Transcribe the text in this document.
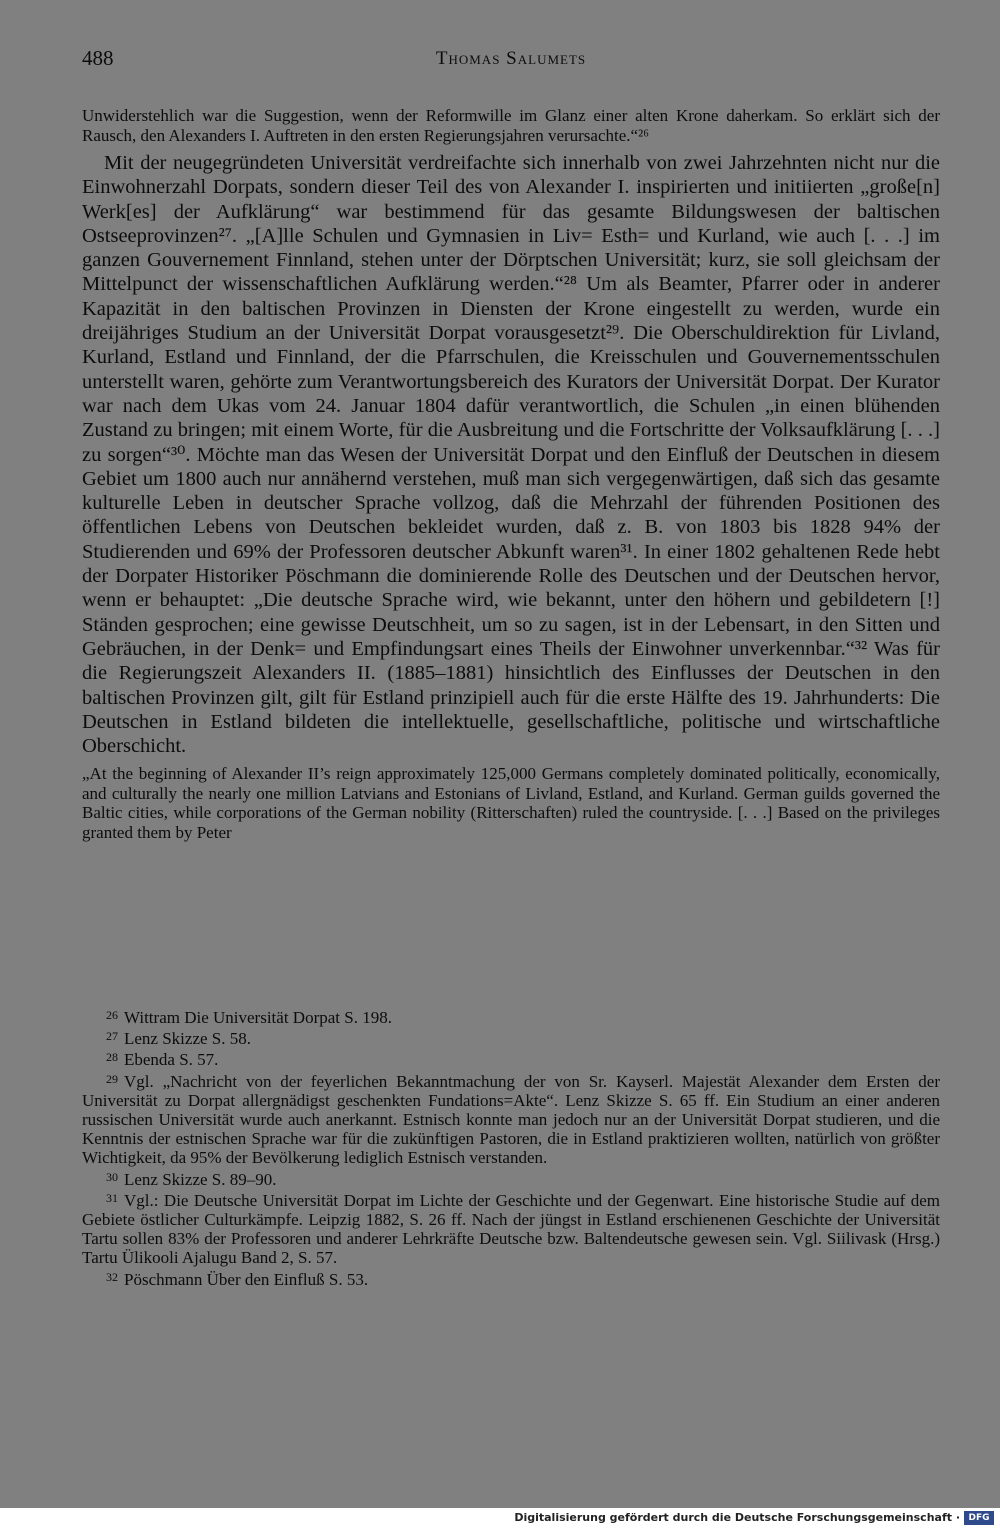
488	Thomas Salumets

Unwiderstehlich war die Suggestion, wenn der Reformwille im Glanz einer alten Krone daherkam. So erklärt sich der Rausch, den Alexanders I. Auftreten in den ersten Regierungsjahren verursachte.“²⁶

Mit der neugegründeten Universität verdreifachte sich innerhalb von zwei Jahrzehnten nicht nur die Einwohnerzahl Dorpats, sondern dieser Teil des von Alexander I. inspirierten und initiierten „große[n] Werk[es] der Aufklärung“ war bestimmend für das gesamte Bildungswesen der baltischen Ostseeprovinzen²⁷. „[A]lle Schulen und Gymnasien in Liv= Esth= und Kurland, wie auch [. . .] im ganzen Gouvernement Finnland, stehen unter der Dörptschen Universität; kurz, sie soll gleichsam der Mittelpunct der wissenschaftlichen Aufklärung werden.“²⁸ Um als Beamter, Pfarrer oder in anderer Kapazität in den baltischen Provinzen in Diensten der Krone eingestellt zu werden, wurde ein dreijähriges Studium an der Universität Dorpat vorausgesetzt²⁹. Die Oberschuldirektion für Livland, Kurland, Estland und Finnland, der die Pfarrschulen, die Kreisschulen und Gouvernementsschulen unterstellt waren, gehörte zum Verantwortungsbereich des Kurators der Universität Dorpat. Der Kurator war nach dem Ukas vom 24. Januar 1804 dafür verantwortlich, die Schulen „in einen blühenden Zustand zu bringen; mit einem Worte, für die Ausbreitung und die Fortschritte der Volksaufklärung [. . .] zu sorgen“³⁰. Möchte man das Wesen der Universität Dorpat und den Einfluß der Deutschen in diesem Gebiet um 1800 auch nur annähernd verstehen, muß man sich vergegenwärtigen, daß sich das gesamte kulturelle Leben in deutscher Sprache vollzog, daß die Mehrzahl der führenden Positionen des öffentlichen Lebens von Deutschen bekleidet wurden, daß z. B. von 1803 bis 1828 94% der Studierenden und 69% der Professoren deutscher Abkunft waren³¹. In einer 1802 gehaltenen Rede hebt der Dorpater Historiker Pöschmann die dominierende Rolle des Deutschen und der Deutschen hervor, wenn er behauptet: „Die deutsche Sprache wird, wie bekannt, unter den höhern und gebildetern [!] Ständen gesprochen; eine gewisse Deutschheit, um so zu sagen, ist in der Lebensart, in den Sitten und Gebräuchen, in der Denk= und Empfindungsart eines Theils der Einwohner unverkennbar.“³² Was für die Regierungszeit Alexanders II. (1885–1881) hinsichtlich des Einflusses der Deutschen in den baltischen Provinzen gilt, gilt für Estland prinzipiell auch für die erste Hälfte des 19. Jahrhunderts: Die Deutschen in Estland bildeten die intellektuelle, gesellschaftliche, politische und wirtschaftliche Oberschicht.

„At the beginning of Alexander II’s reign approximately 125,000 Germans completely dominated politically, economically, and culturally the nearly one million Latvians and Estonians of Livland, Estland, and Kurland. German guilds governed the Baltic cities, while corporations of the German nobility (Ritterschaften) ruled the countryside. [. . .] Based on the privileges granted them by Peter

$^{26}$ Wittram Die Universität Dorpat S. 198.

$^{27}$ Lenz Skizze S. 58.

$^{28}$ Ebenda S. 57.

$^{29}$ Vgl. „Nachricht von der feyerlichen Bekanntmachung der von Sr. Kayserl. Majestät Alexander dem Ersten der Universität zu Dorpat allergnädigst geschenkten Fundations=Akte“. Lenz Skizze S. 65 ff. Ein Studium an einer anderen russischen Universität wurde auch anerkannt. Estnisch konnte man jedoch nur an der Universität Dorpat studieren, und die Kenntnis der estnischen Sprache war für die zukünftigen Pastoren, die in Estland praktizieren wollten, natürlich von größter Wichtigkeit, da 95% der Bevölkerung lediglich Estnisch verstanden.

$^{30}$ Lenz Skizze S. 89–90.

$^{31}$ Vgl.: Die Deutsche Universität Dorpat im Lichte der Geschichte und der Gegenwart. Eine historische Studie auf dem Gebiete östlicher Culturkämpfe. Leipzig 1882, S. 26 ff. Nach der jüngst in Estland erschienenen Geschichte der Universität Tartu sollen 83% der Professoren und anderer Lehrkräfte Deutsche bzw. Baltendeutsche gewesen sein. Vgl. Siilivask (Hrsg.) Tartu Ülikooli Ajalugu Band 2, S. 57.

$^{32}$ Pöschmann Über den Einfluß S. 53.

Digitalisierung gefördert durch die Deutsche Forschungsgemeinschaft · DFG
